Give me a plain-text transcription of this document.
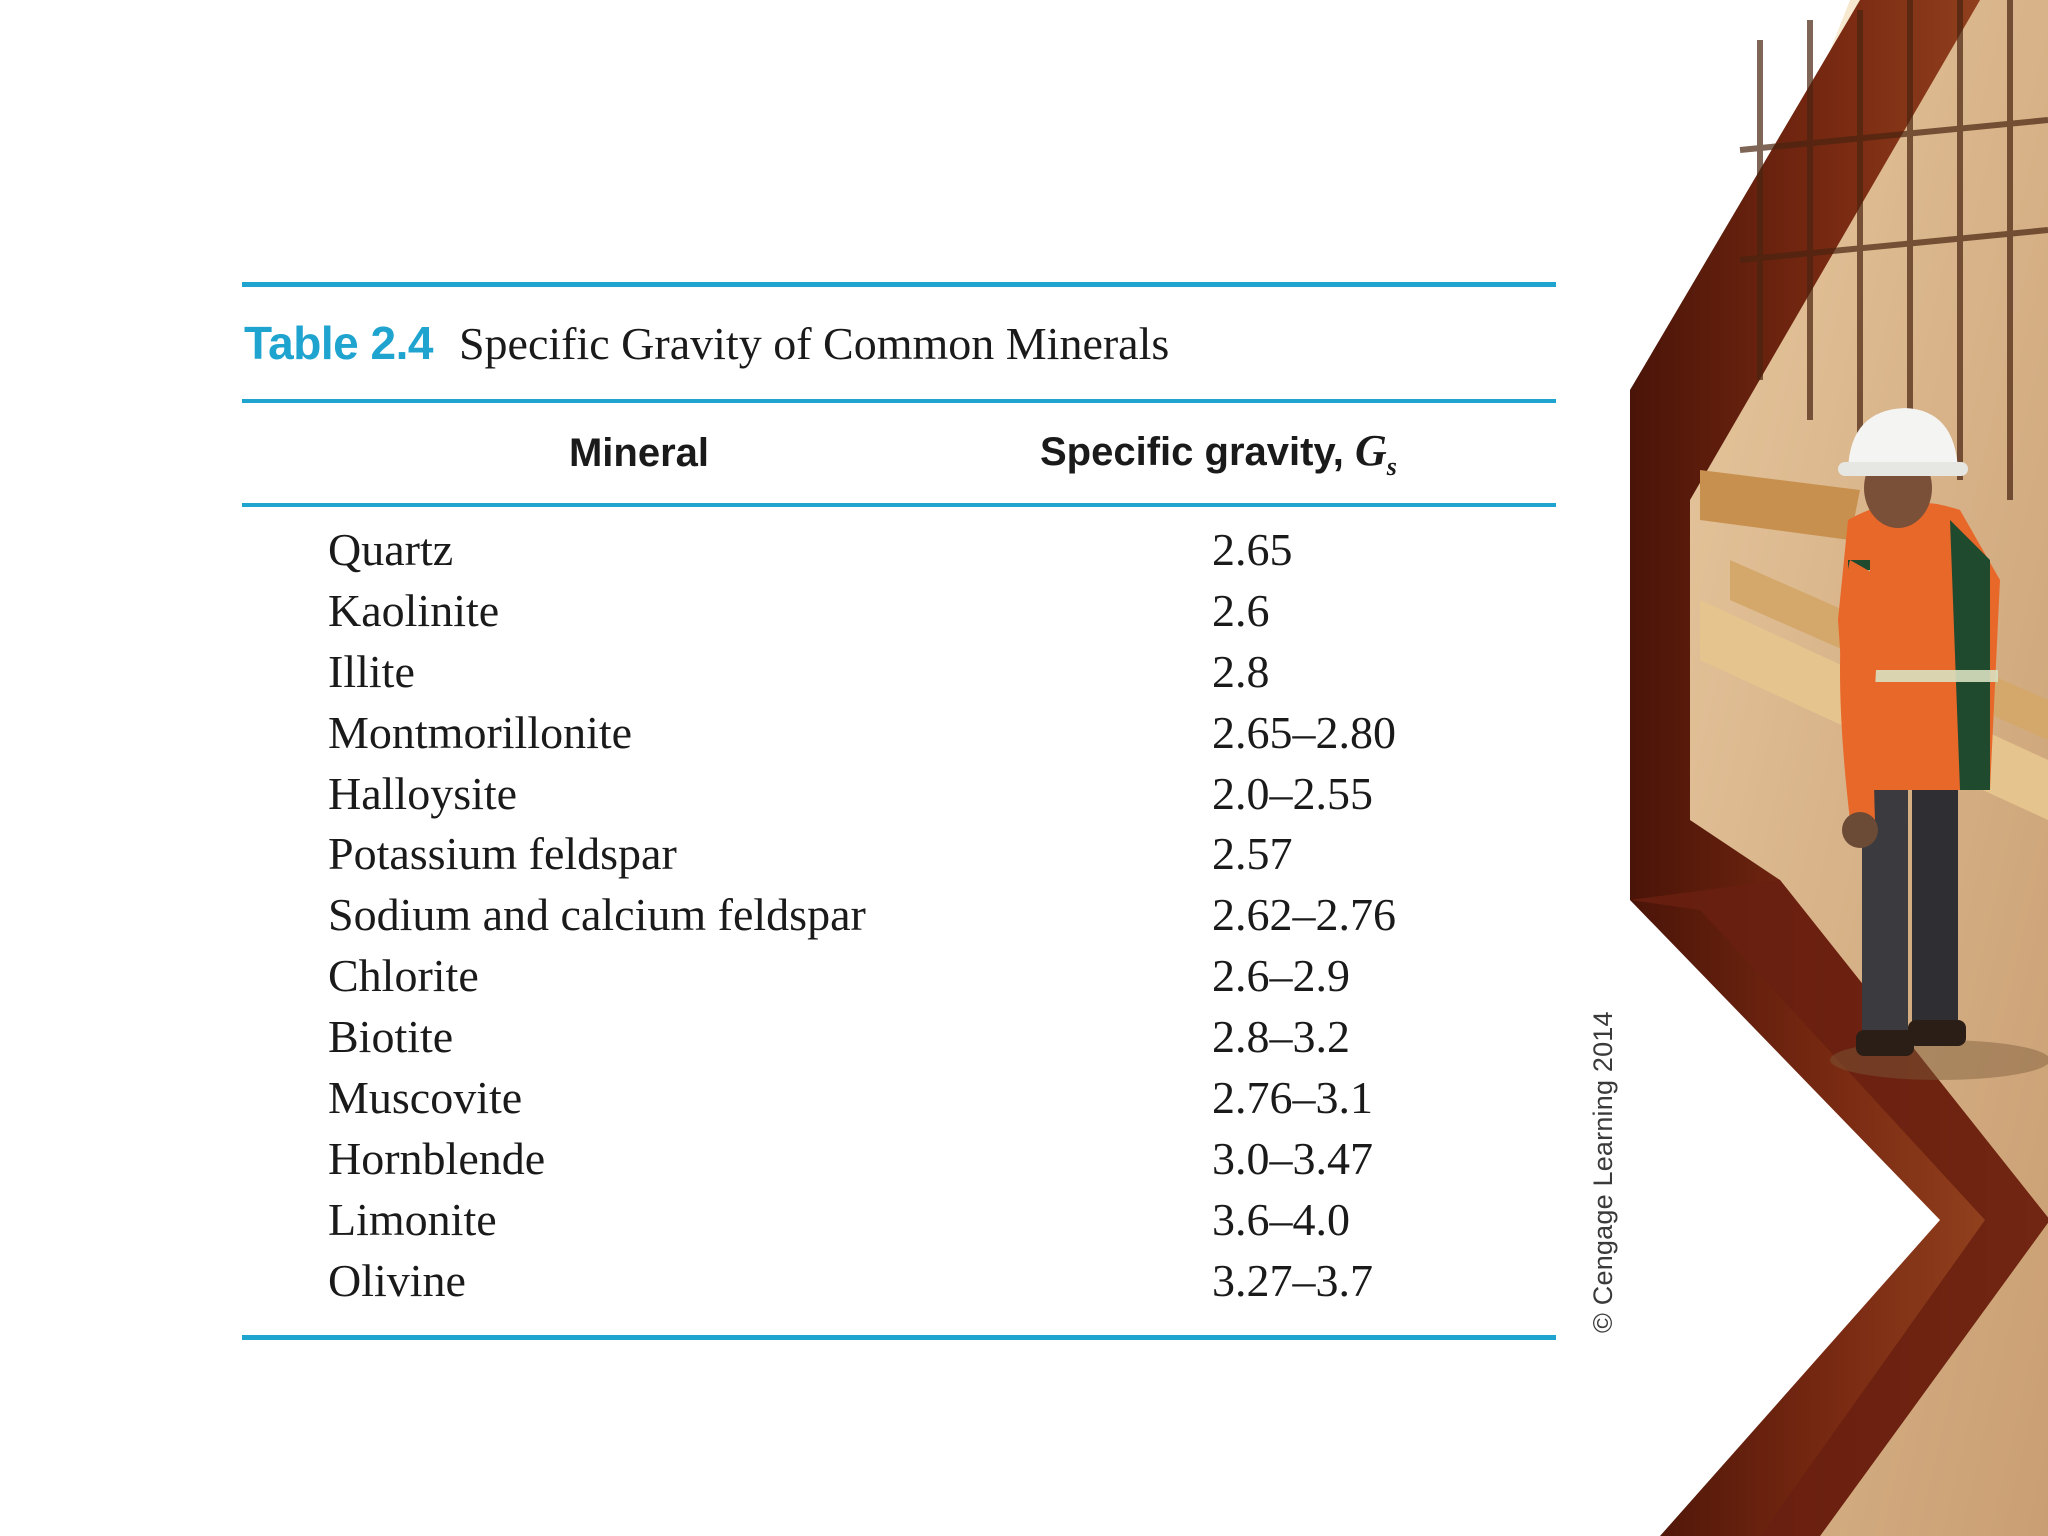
Table 2.4 Specific Gravity of Common Minerals
Mineral	Specific gravity, $G_s$
Quartz	2.65
Kaolinite	2.6
Illite	2.8
Montmorillonite	2.65–2.80
Halloysite	2.0–2.55
Potassium feldspar	2.57
Sodium and calcium feldspar	2.62–2.76
Chlorite	2.6–2.9
Biotite	2.8–3.2
Muscovite	2.76–3.1
Hornblende	3.0–3.47
Limonite	3.6–4.0
Olivine	3.27–3.7	© Cengage Learning 2014
